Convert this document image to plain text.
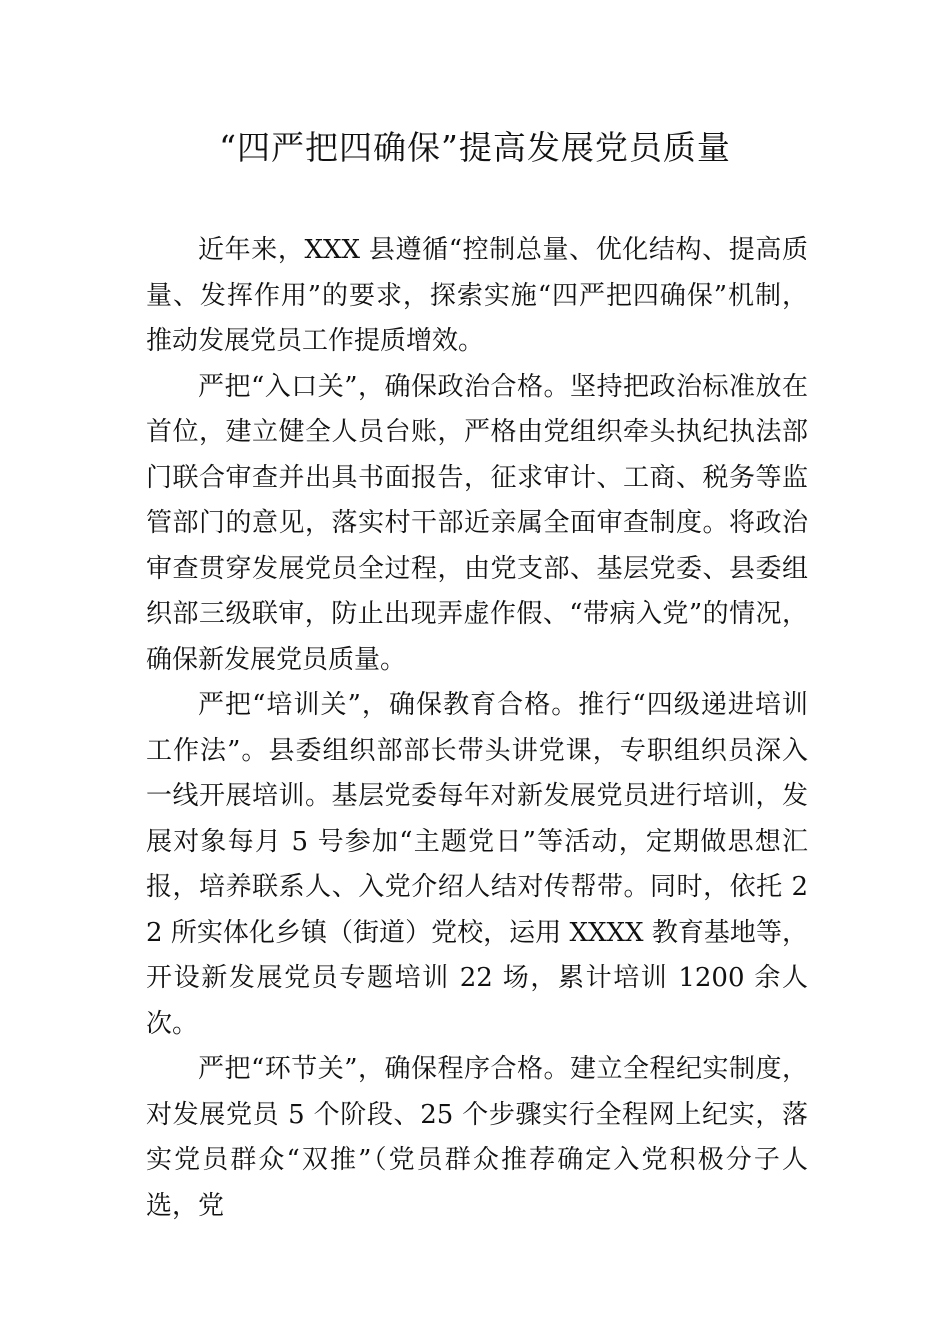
“四严把四确保”提高发展党员质量

近年来，XXX 县遵循“控制总量、优化结构、提高质量、发挥作用”的要求，探索实施“四严把四确保”机制，推动发展党员工作提质增效。

严把“入口关”，确保政治合格。坚持把政治标准放在首位，建立健全人员台账，严格由党组织牵头执纪执法部门联合审查并出具书面报告，征求审计、工商、税务等监管部门的意见，落实村干部近亲属全面审查制度。将政治审查贯穿发展党员全过程，由党支部、基层党委、县委组织部三级联审，防止出现弄虚作假、“带病入党”的情况，确保新发展党员质量。

严把“培训关”，确保教育合格。推行“四级递进培训工作法”。县委组织部部长带头讲党课，专职组织员深入一线开展培训。基层党委每年对新发展党员进行培训，发展对象每月 5 号参加“主题党日”等活动，定期做思想汇报，培养联系人、入党介绍人结对传帮带。同时，依托 22 所实体化乡镇（街道）党校，运用 XXXX 教育基地等，开设新发展党员专题培训 22 场，累计培训 1200 余人次。

严把“环节关”，确保程序合格。建立全程纪实制度，对发展党员 5 个阶段、25 个步骤实行全程网上纪实，落实党员群众“双推”（党员群众推荐确定入党积极分子人选，党
